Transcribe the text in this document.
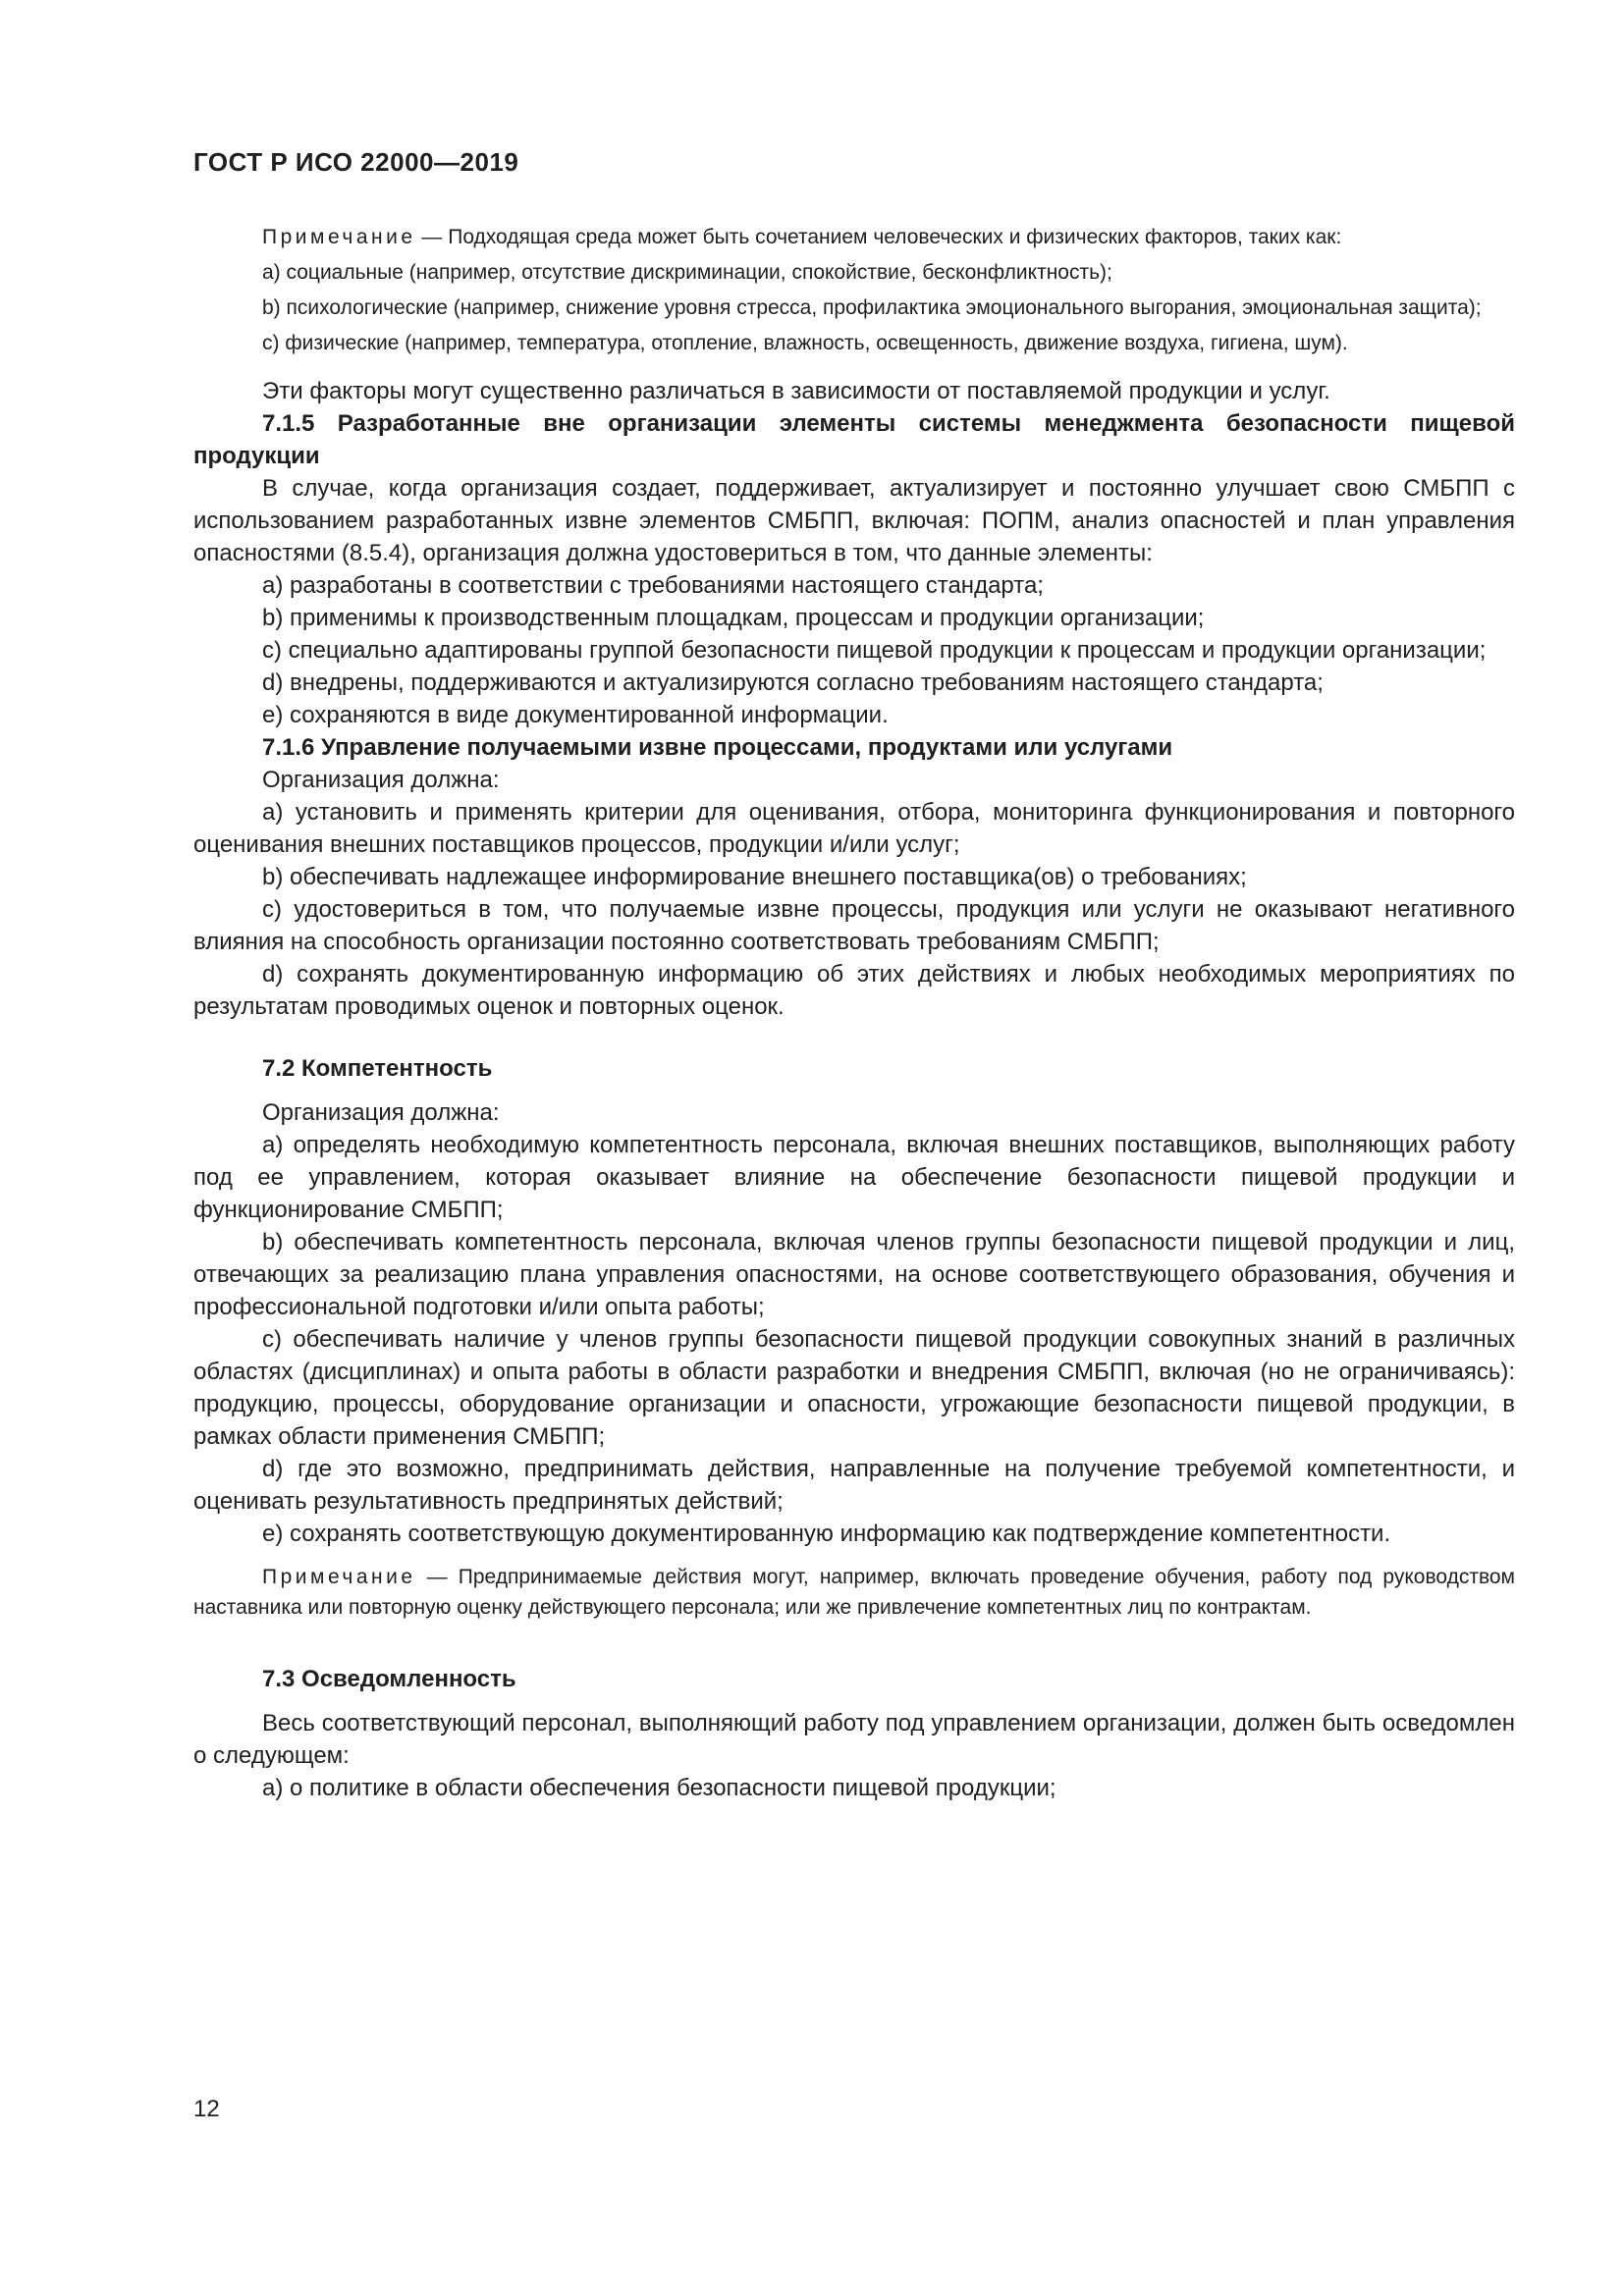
ГОСТ Р ИСО 22000—2019

Примечание — Подходящая среда может быть сочетанием человеческих и физических факторов, таких как:

а) социальные (например, отсутствие дискриминации, спокойствие, бесконфликтность);

b) психологические (например, снижение уровня стресса, профилактика эмоционального выгорания, эмоциональная защита);

c) физические (например, температура, отопление, влажность, освещенность, движение воздуха, гигиена, шум).

Эти факторы могут существенно различаться в зависимости от поставляемой продукции и услуг.

7.1.5 Разработанные вне организации элементы системы менеджмента безопасности пищевой продукции

В случае, когда организация создает, поддерживает, актуализирует и постоянно улучшает свою СМБПП с использованием разработанных извне элементов СМБПП, включая: ПОПМ, анализ опасностей и план управления опасностями (8.5.4), организация должна удостовериться в том, что данные элементы:

а) разработаны в соответствии с требованиями настоящего стандарта;

b) применимы к производственным площадкам, процессам и продукции организации;

c) специально адаптированы группой безопасности пищевой продукции к процессам и продукции организации;

d) внедрены, поддерживаются и актуализируются согласно требованиям настоящего стандарта;

e) сохраняются в виде документированной информации.

7.1.6 Управление получаемыми извне процессами, продуктами или услугами

Организация должна:

а) установить и применять критерии для оценивания, отбора, мониторинга функционирования и повторного оценивания внешних поставщиков процессов, продукции и/или услуг;

b) обеспечивать надлежащее информирование внешнего поставщика(ов) о требованиях;

c) удостовериться в том, что получаемые извне процессы, продукция или услуги не оказывают негативного влияния на способность организации постоянно соответствовать требованиям СМБПП;

d) сохранять документированную информацию об этих действиях и любых необходимых мероприятиях по результатам проводимых оценок и повторных оценок.

7.2 Компетентность

Организация должна:

а) определять необходимую компетентность персонала, включая внешних поставщиков, выполняющих работу под ее управлением, которая оказывает влияние на обеспечение безопасности пищевой продукции и функционирование СМБПП;

b) обеспечивать компетентность персонала, включая членов группы безопасности пищевой продукции и лиц, отвечающих за реализацию плана управления опасностями, на основе соответствующего образования, обучения и профессиональной подготовки и/или опыта работы;

c) обеспечивать наличие у членов группы безопасности пищевой продукции совокупных знаний в различных областях (дисциплинах) и опыта работы в области разработки и внедрения СМБПП, включая (но не ограничиваясь): продукцию, процессы, оборудование организации и опасности, угрожающие безопасности пищевой продукции, в рамках области применения СМБПП;

d) где это возможно, предпринимать действия, направленные на получение требуемой компетентности, и оценивать результативность предпринятых действий;

e) сохранять соответствующую документированную информацию как подтверждение компетентности.

Примечание — Предпринимаемые действия могут, например, включать проведение обучения, работу под руководством наставника или повторную оценку действующего персонала; или же привлечение компетентных лиц по контрактам.

7.3 Осведомленность

Весь соответствующий персонал, выполняющий работу под управлением организации, должен быть осведомлен о следующем:

а) о политике в области обеспечения безопасности пищевой продукции;

12
